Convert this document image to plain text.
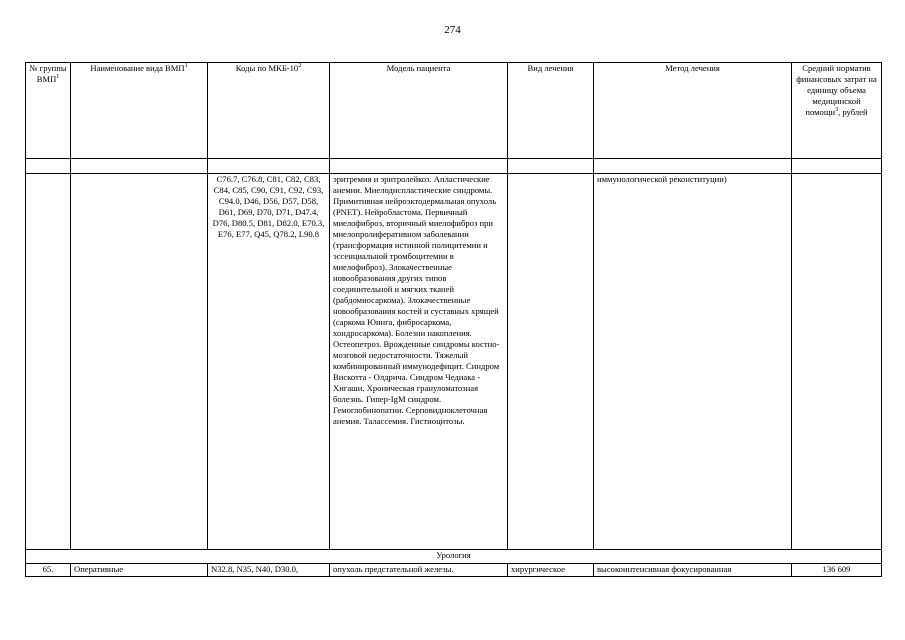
274
№ группы ВМП$^1$	Наименование вида ВМП$^1$	Коды по МКБ-$10^2$	Модель пациента	Вид лечения	Метод лечения	Средний норматив финансовых затрат на единицу объема медицинской помощи$^3$, рублей

		C76.7, C76.8, C81, C82, C83, C84, C85, C90, C91, C92, C93, C94.0, D46, D56, D57, D58, D61, D69, D70, D71, D47.4, D76, D80.5, D81, D82.0, E70.3, E76, E77, Q45, Q78.2, L90.8	эритремия и эритролейкоз. Апластические анемии. Миелодиспластические синдромы. Примитивная нейроэктодермальная опухоль (PNET). Нейробластома. Первичный миелофиброз, вторичный миелофиброз при миелопролиферативном заболевании (трансформация истинной полицитемии и эссенциальной тромбоцитемии в миелофиброз). Злокачественные новообразования других типов соединительной и мягких тканей (рабдомиосаркома). Злокачественные новообразования костей и суставных хрящей (саркома Юинга, фибросаркома, хондросаркома). Болезни накопления. Остеопетроз. Врожденные синдромы костно-мозговой недостаточности. Тяжелый комбинированный иммунодефицит. Синдром Вискотта - Олдрича. Синдром Чедиака - Хигаши. Хроническая грануломатозная болезнь. Гипер-IgM синдром. Гемоглобинопатии. Серповидноклеточная анемия. Талассемия. Гистиоцитозы.		иммунологической реконституции)	
Урология						
65.	Оперативные	N32.8, N35, N40, D30.0,	опухоль предстательной железы.	хирургическое	высокоинтенсивная фокусированная	136 609
